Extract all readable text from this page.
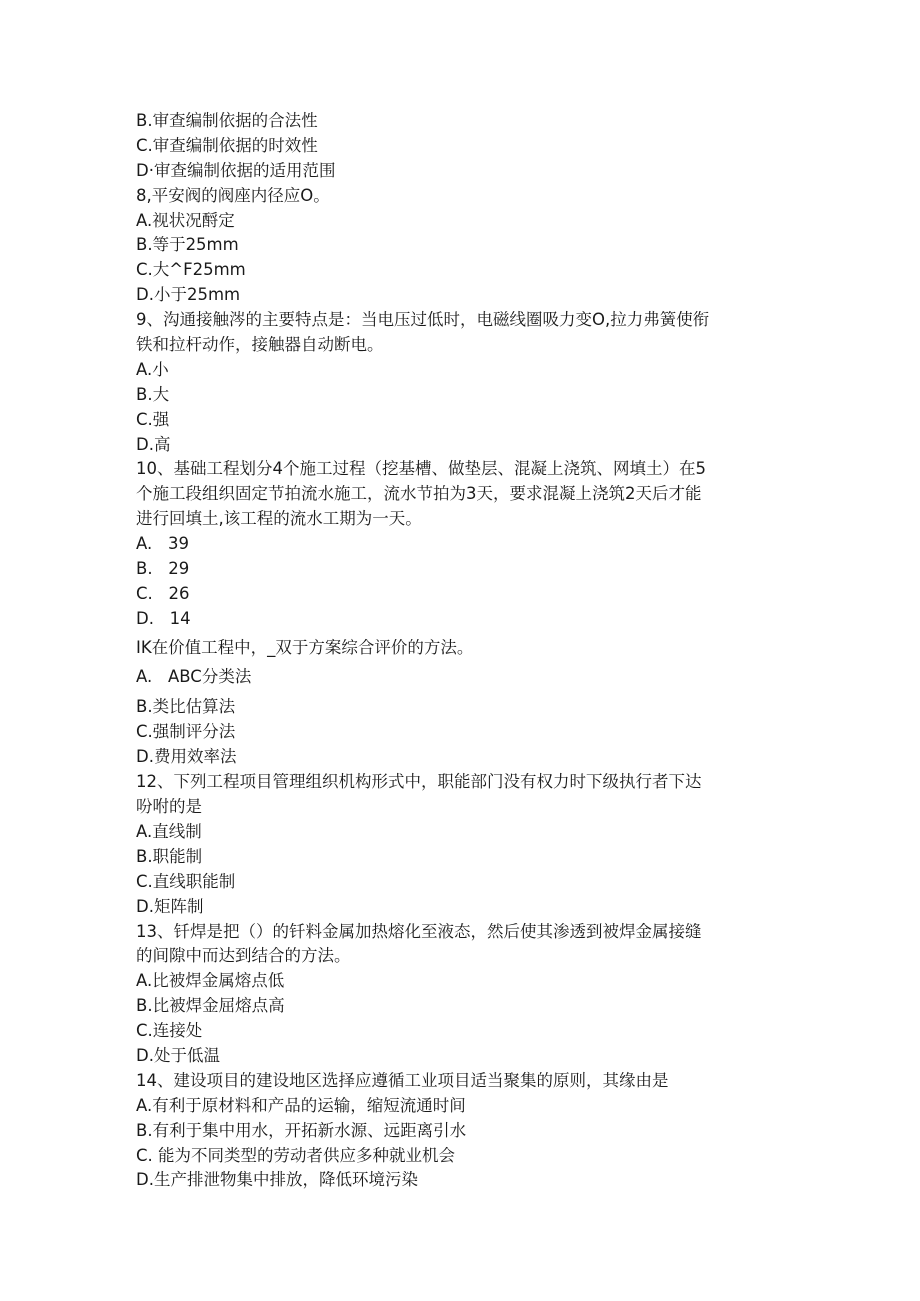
B.审查编制依据的合法性
C.审查编制依据的时效性
D·审查编制依据的适用范围
8,平安阀的阀座内径应O。
A.视状况酹定
B.等于25mm
C.大^F25mm
D.小于25mm
9、沟通接触涔的主要特点是：当电压过低时，电磁线圈吸力变O,拉力弗簧使衔
铁和拉杆动作，接触器自动断电。
A.小
B.大
C.强
D.高
10、基础工程划分4个施工过程（挖基槽、做垫层、混凝上浇筑、网填土）在5
个施工段组织固定节拍流水施工，流水节拍为3天，要求混凝上浇筑2天后才能
进行回填土,该工程的流水工期为一天。
A.   39
B.   29
C.   26
D.   14
IK在价值工程中，_双于方案综合评价的方法。
A.   ABC分类法
B.类比估算法
C.强制评分法
D.费用效率法
12、下列工程项目管理组织机构形式中，职能部门没有权力时下级执行者下达
吩咐的是
A.直线制
B.职能制
C.直线职能制
D.矩阵制
13、钎焊是把（）的钎料金属加热熔化至液态，然后使其渗透到被焊金属接缝
的间隙中而达到结合的方法。
A.比被焊金属熔点低
B.比被焊金屈熔点高
C.连接处
D.处于低温
14、建设项目的建设地区选择应遵循工业项目适当聚集的原则，其缘由是
A.有利于原材料和产品的运输，缩短流通时间
B.有利于集中用水，开拓新水源、远距离引水
C. 能为不同类型的劳动者供应多种就业机会
D.生产排泄物集中排放，降低环境污染
